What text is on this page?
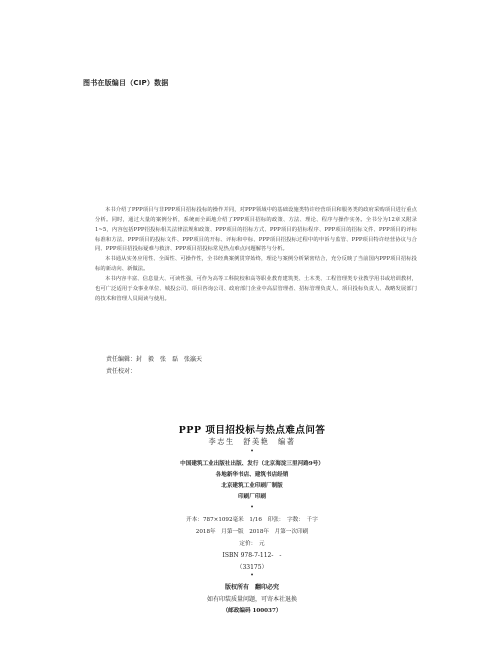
图书在版编目（CIP）数据

本书介绍了PPP项目与非PPP项目招标投标的操作并同，对PPP领域中的基础设施类特许经营项目和服务类的政府采购项目进行重点分析。同时，通过大量的案例分析，系统而全面地介绍了PPP项目招标的政策、方法、理论、程序与操作实务。全书分为12章又附录1~5，内容包括PPP招投标相关法律法规和政策、PPP项目的招标方式、PPP项目的招标程序、PPP项目的招标文件、PPP项目的评标标准和方法、PPP项目的投标文件、PPP项目的开标、评标和中标、PPP项目招投标过程中的申诉与监管、PPP项目特许经营协议与合同、PPP项目招投标疑难与救济、PPP项目招投标常见热点难点问题解答与分析。

本书通从实务应用性、全面性、可操作性，全书经典案例贯穿始终，理论与案例分析紧密结合，充分反映了当前国内PPP项目招标投标的新动向、新做法。

本书内容丰富、信息量大、可读性强，可作为高等工科院校和高等职业教育建筑类、土木类、工程管理类专业教学用书或培训教材，也可广泛适用于众事业单位、城投公司、项目咨询公司、政府部门企业中高层管理者、招标管理负责人、项目投标负责人、战略发展部门的技术和管理人员阅读与使用。

责任编辑：封　毅　张　磊　张瀛天
责任校对：
PPP 项目招投标与热点难点问答
李志生　舒美艳　编著
•
中国建筑工业出版社出版、发行（北京海淀三里河路9号）
各地新华书店、建筑书店经销
北京建筑工业印刷厂制版
印刷厂印刷
•
开本：787×1092毫米　1/16　印张：　字数：　千字
2018年　月第一版　2018年　月第一次印刷
定价：　元
ISBN 978-7-112-　-
（33175）
•
版权所有　翻印必究
如有印装质量问题，可寄本社退换
（邮政编码 100037）
